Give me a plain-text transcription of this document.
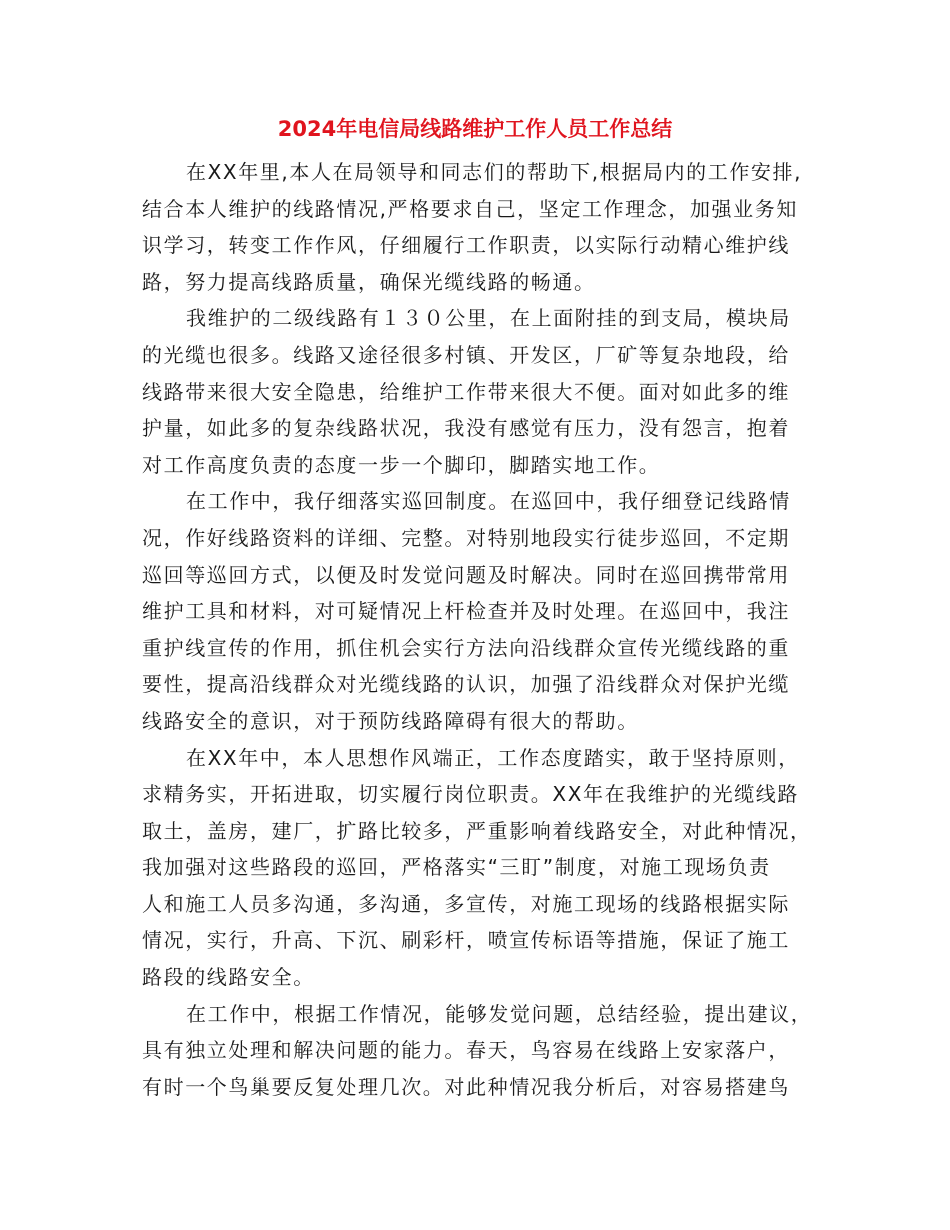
2024年电信局线路维护工作人员工作总结
在XX年里,本人在局领导和同志们的帮助下,根据局内的工作安排,
结合本人维护的线路情况,严格要求自己，坚定工作理念，加强业务知
识学习，转变工作作风，仔细履行工作职责，以实际行动精心维护线
路，努力提高线路质量，确保光缆线路的畅通。
我维护的二级线路有１３０公里，在上面附挂的到支局，模块局
的光缆也很多。线路又途径很多村镇、开发区，厂矿等复杂地段，给
线路带来很大安全隐患，给维护工作带来很大不便。面对如此多的维
护量，如此多的复杂线路状况，我没有感觉有压力，没有怨言，抱着
对工作高度负责的态度一步一个脚印，脚踏实地工作。
在工作中，我仔细落实巡回制度。在巡回中，我仔细登记线路情
况，作好线路资料的详细、完整。对特别地段实行徒步巡回，不定期
巡回等巡回方式，以便及时发觉问题及时解决。同时在巡回携带常用
维护工具和材料，对可疑情况上杆检查并及时处理。在巡回中，我注
重护线宣传的作用，抓住机会实行方法向沿线群众宣传光缆线路的重
要性，提高沿线群众对光缆线路的认识，加强了沿线群众对保护光缆
线路安全的意识，对于预防线路障碍有很大的帮助。
在XX年中，本人思想作风端正，工作态度踏实，敢于坚持原则，
求精务实，开拓进取，切实履行岗位职责。XX年在我维护的光缆线路
取土，盖房，建厂，扩路比较多，严重影响着线路安全，对此种情况，
我加强对这些路段的巡回，严格落实“三盯”制度，对施工现场负责
人和施工人员多沟通，多沟通，多宣传，对施工现场的线路根据实际
情况，实行，升高、下沉、刷彩杆，喷宣传标语等措施，保证了施工
路段的线路安全。
在工作中，根据工作情况，能够发觉问题，总结经验，提出建议，
具有独立处理和解决问题的能力。春天，鸟容易在线路上安家落户，
有时一个鸟巢要反复处理几次。对此种情况我分析后，对容易搭建鸟
